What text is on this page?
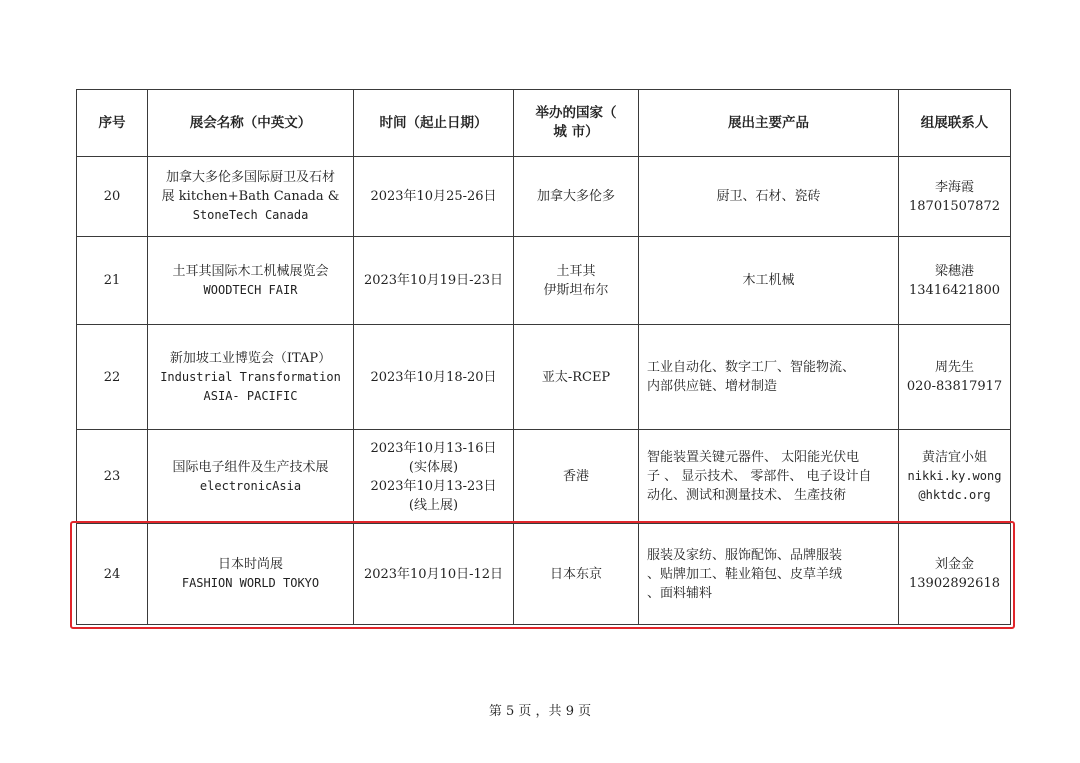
序号	展会名称（中英文）	时间（起止日期）	举办的国家（
城 市）	展出主要产品	组展联系人
20	加拿大多伦多国际厨卫及石材
展 kitchen+Bath Canada &
StoneTech Canada	2023年10月25-26日	加拿大多伦多	厨卫、石材、瓷砖	李海霞
18701507872

21	土耳其国际木工机械展览会
WOODTECH FAIR	2023年10月19日-23日	土耳其
伊斯坦布尔	木工机械	梁穗港
13416421800

22	新加坡工业博览会（ITAP）
Industrial Transformation
ASIA- PACIFIC	2023年10月18-20日	亚太-RCEP	工业自动化、数字工厂、智能物流、
内部供应链、增材制造	周先生
020-83817917

23	国际电子组件及生产技术展
electronicAsia	2023年10月13-16日
(实体展)
2023年10月13-23日
(线上展)	香港	智能装置关键元器件、 太阳能光伏电
子 、 显示技术、 零部件、 电子设计自
动化、测试和测量技术、 生產技術	黄洁宜小姐
nikki.ky.wong
@hktdc.org

24	日本时尚展
FASHION WORLD TOKYO	2023年10月10日-12日	日本东京	服装及家纺、服饰配饰、品牌服装
、贴牌加工、鞋业箱包、皮草羊绒
、面料辅料	刘金金
13902892618
第 5 页 ，共 9 页
